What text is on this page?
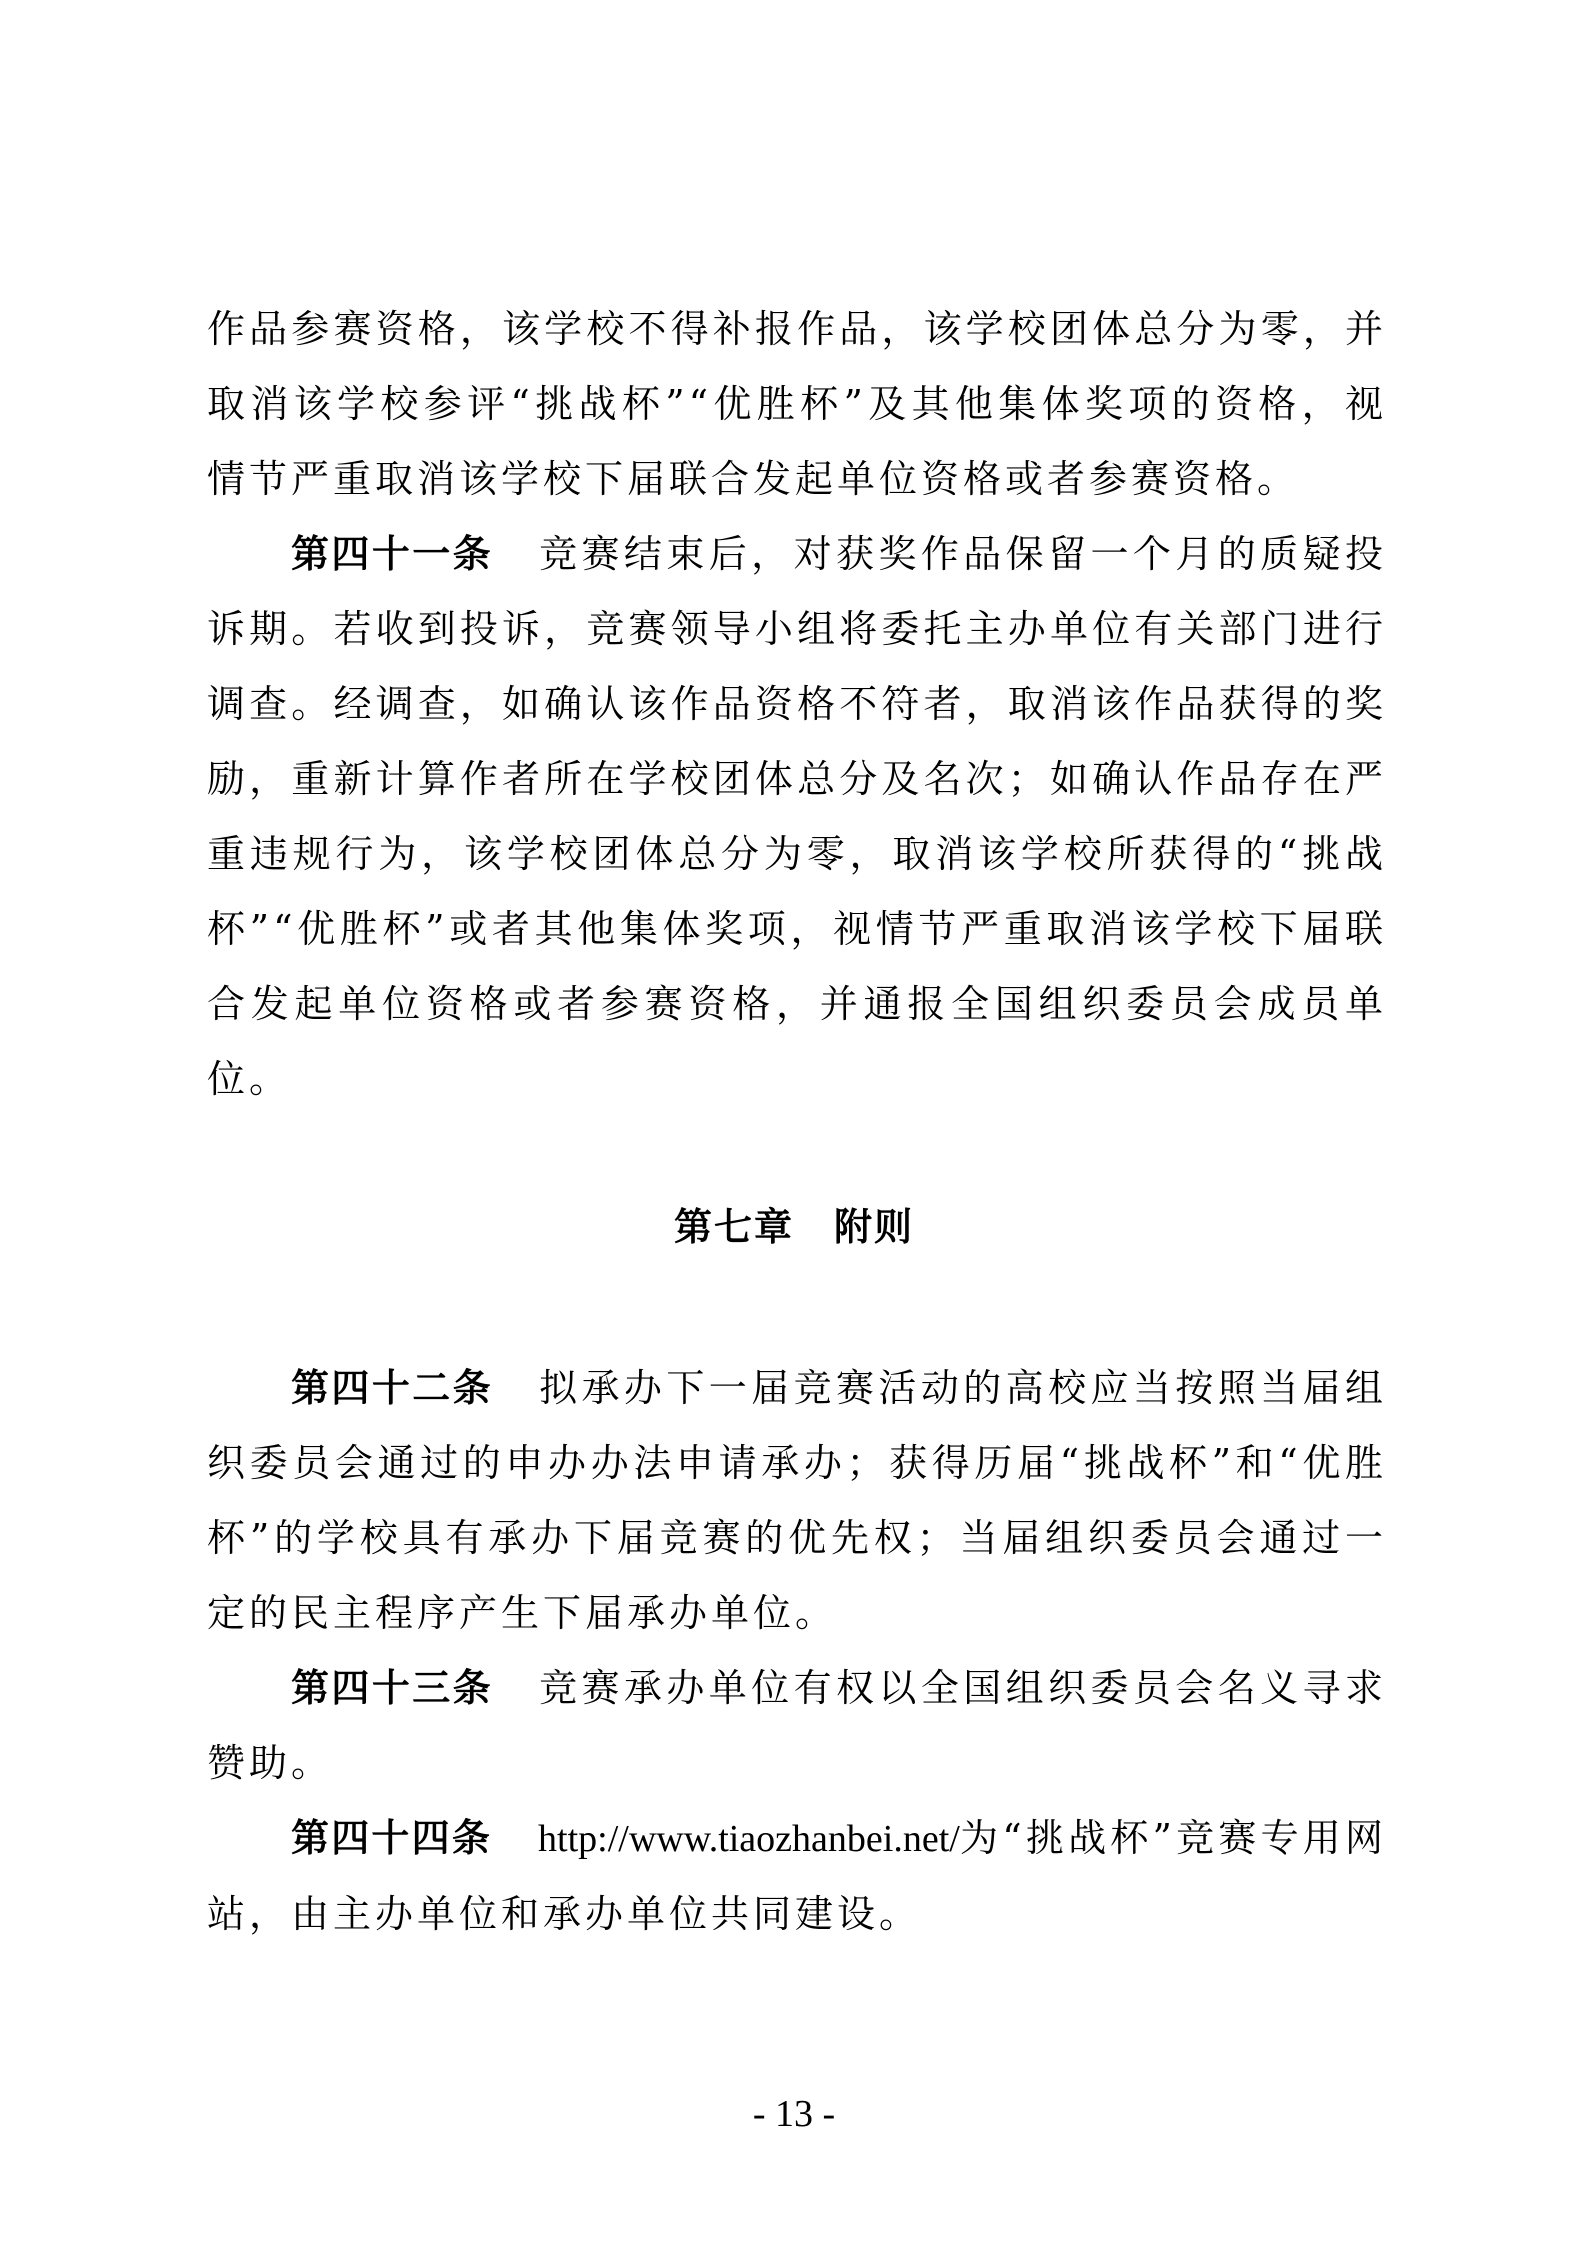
作品参赛资格，该学校不得补报作品，该学校团体总分为零，并取消该学校参评“挑战杯”“优胜杯”及其他集体奖项的资格，视情节严重取消该学校下届联合发起单位资格或者参赛资格。

第四十一条 竞赛结束后，对获奖作品保留一个月的质疑投诉期。若收到投诉，竞赛领导小组将委托主办单位有关部门进行调查。经调查，如确认该作品资格不符者，取消该作品获得的奖励，重新计算作者所在学校团体总分及名次；如确认作品存在严重违规行为，该学校团体总分为零，取消该学校所获得的“挑战杯”“优胜杯”或者其他集体奖项，视情节严重取消该学校下届联合发起单位资格或者参赛资格，并通报全国组织委员会成员单位。

第七章 附则

第四十二条 拟承办下一届竞赛活动的高校应当按照当届组织委员会通过的申办办法申请承办；获得历届“挑战杯”和“优胜杯”的学校具有承办下届竞赛的优先权；当届组织委员会通过一定的民主程序产生下届承办单位。

第四十三条 竞赛承办单位有权以全国组织委员会名义寻求赞助。

第四十四条 http://www.tiaozhanbei.net/为“挑战杯”竞赛专用网站，由主办单位和承办单位共同建设。

- 13 -
